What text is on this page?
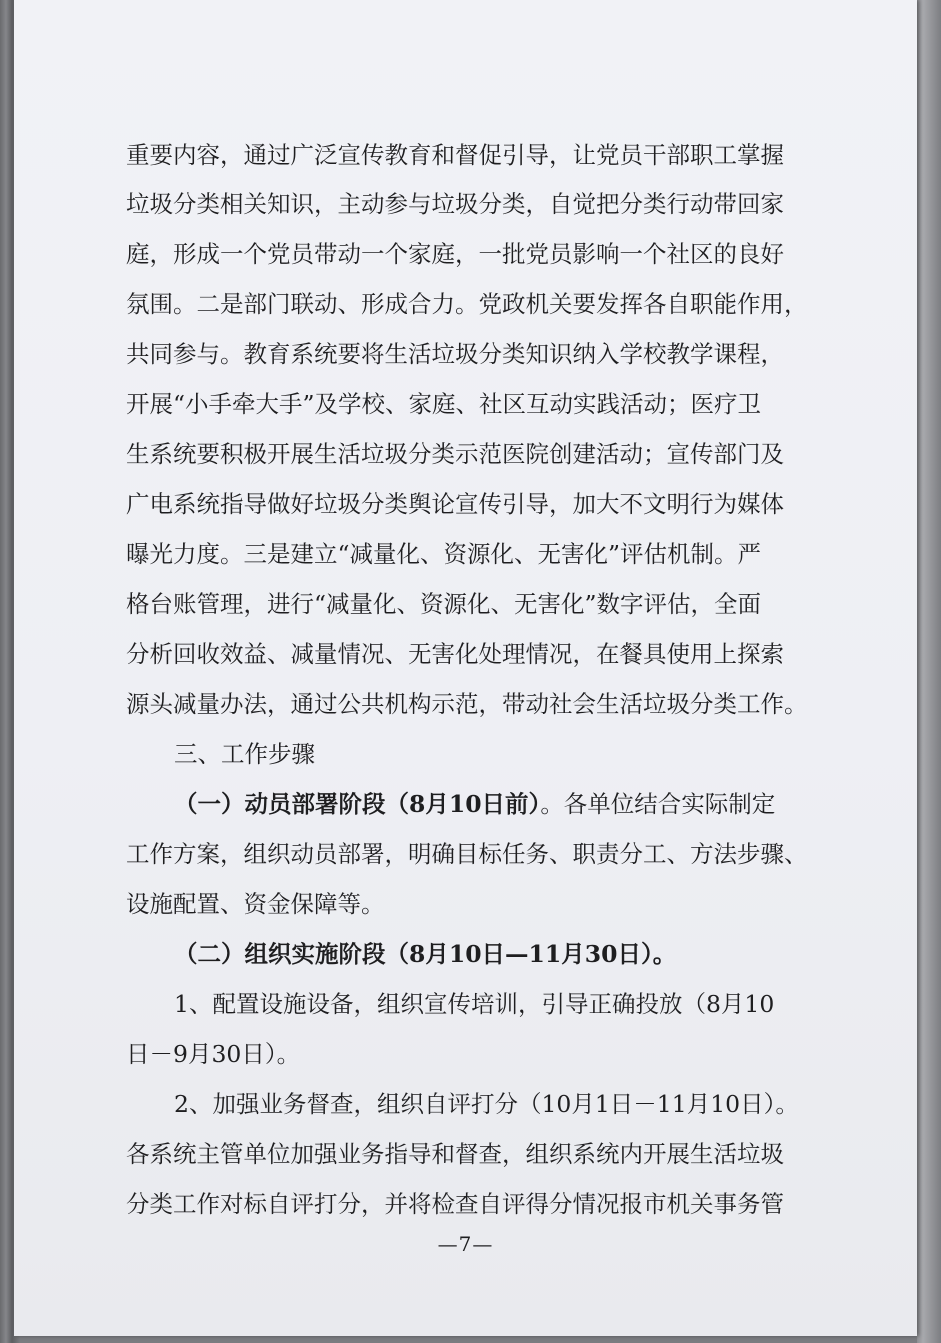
重要内容，通过广泛宣传教育和督促引导，让党员干部职工掌握
垃圾分类相关知识，主动参与垃圾分类，自觉把分类行动带回家
庭，形成一个党员带动一个家庭，一批党员影响一个社区的良好
氛围。二是部门联动、形成合力。党政机关要发挥各自职能作用，
共同参与。教育系统要将生活垃圾分类知识纳入学校教学课程，
开展“小手牵大手”及学校、家庭、社区互动实践活动；医疗卫
生系统要积极开展生活垃圾分类示范医院创建活动；宣传部门及
广电系统指导做好垃圾分类舆论宣传引导，加大不文明行为媒体
曝光力度。三是建立“减量化、资源化、无害化”评估机制。严
格台账管理，进行“减量化、资源化、无害化”数字评估，全面
分析回收效益、减量情况、无害化处理情况，在餐具使用上探索
源头减量办法，通过公共机构示范，带动社会生活垃圾分类工作。
三、工作步骤
（一）动员部署阶段（8月10日前）。各单位结合实际制定
工作方案，组织动员部署，明确目标任务、职责分工、方法步骤、
设施配置、资金保障等。
（二）组织实施阶段（8月10日—11月30日）。
1、配置设施设备，组织宣传培训，引导正确投放（8月10
日－9月30日）。
2、加强业务督查，组织自评打分（10月1日－11月10日）。
各系统主管单位加强业务指导和督查，组织系统内开展生活垃圾
分类工作对标自评打分，并将检查自评得分情况报市机关事务管
—7—
